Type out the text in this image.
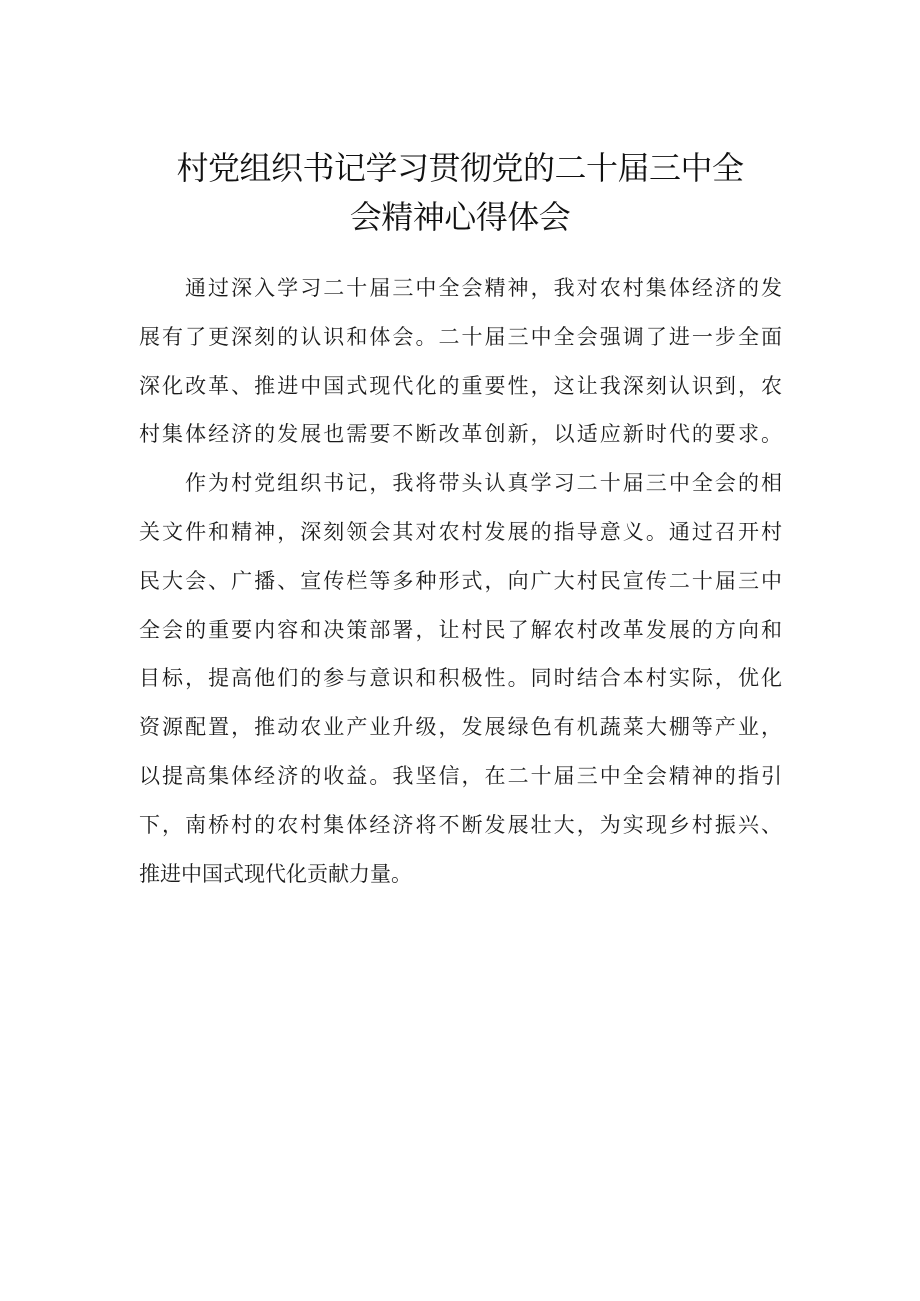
村党组织书记学习贯彻党的二十届三中全
会精神心得体会

通过深入学习二十届三中全会精神，我对农村集体经济的发
展有了更深刻的认识和体会。二十届三中全会强调了进一步全面
深化改革、推进中国式现代化的重要性，这让我深刻认识到，农
村集体经济的发展也需要不断改革创新，以适应新时代的要求。

作为村党组织书记，我将带头认真学习二十届三中全会的相
关文件和精神，深刻领会其对农村发展的指导意义。通过召开村
民大会、广播、宣传栏等多种形式，向广大村民宣传二十届三中
全会的重要内容和决策部署，让村民了解农村改革发展的方向和
目标，提高他们的参与意识和积极性。同时结合本村实际，优化
资源配置，推动农业产业升级，发展绿色有机蔬菜大棚等产业，
以提高集体经济的收益。我坚信，在二十届三中全会精神的指引
下，南桥村的农村集体经济将不断发展壮大，为实现乡村振兴、
推进中国式现代化贡献力量。
